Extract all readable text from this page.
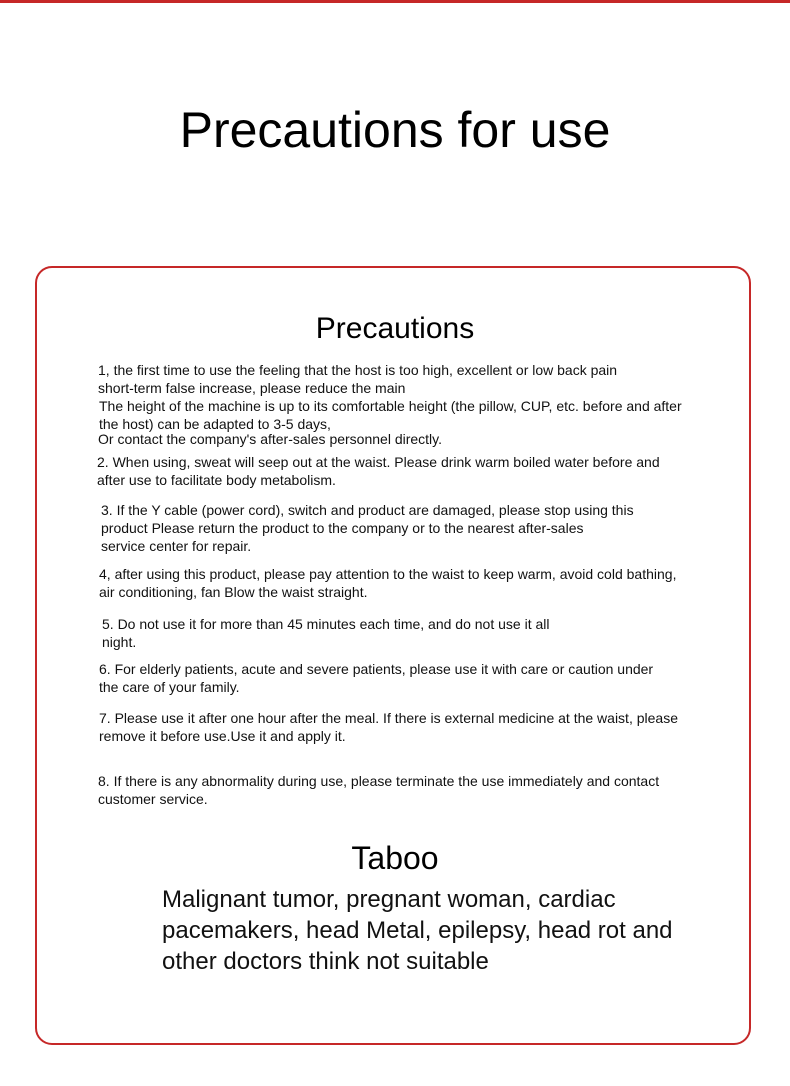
Precautions for use
Precautions
1, the first time to use the feeling that the host is too high, excellent or low back pain
short-term false increase, please reduce the main
The height of the machine is up to its comfortable height (the pillow, CUP, etc. before and after
the host) can be adapted to 3-5 days,
Or contact the company's after-sales personnel directly.
2. When using, sweat will seep out at the waist. Please drink warm boiled water before and
after use to facilitate body metabolism.
3. If the Y cable (power cord), switch and product are damaged, please stop using this
product Please return the product to the company or to the nearest after-sales
service center for repair.
4, after using this product, please pay attention to the waist to keep warm, avoid cold bathing,
air conditioning, fan Blow the waist straight.
5. Do not use it for more than 45 minutes each time, and do not use it all
night.
6. For elderly patients, acute and severe patients, please use it with care or caution under
the care of your family.
7. Please use it after one hour after the meal. If there is external medicine at the waist, please
remove it before use.Use it and apply it.
8. If there is any abnormality during use, please terminate the use immediately and contact
customer service.
Taboo
Malignant tumor, pregnant woman, cardiac
pacemakers, head Metal, epilepsy, head rot and
other doctors think not suitable
